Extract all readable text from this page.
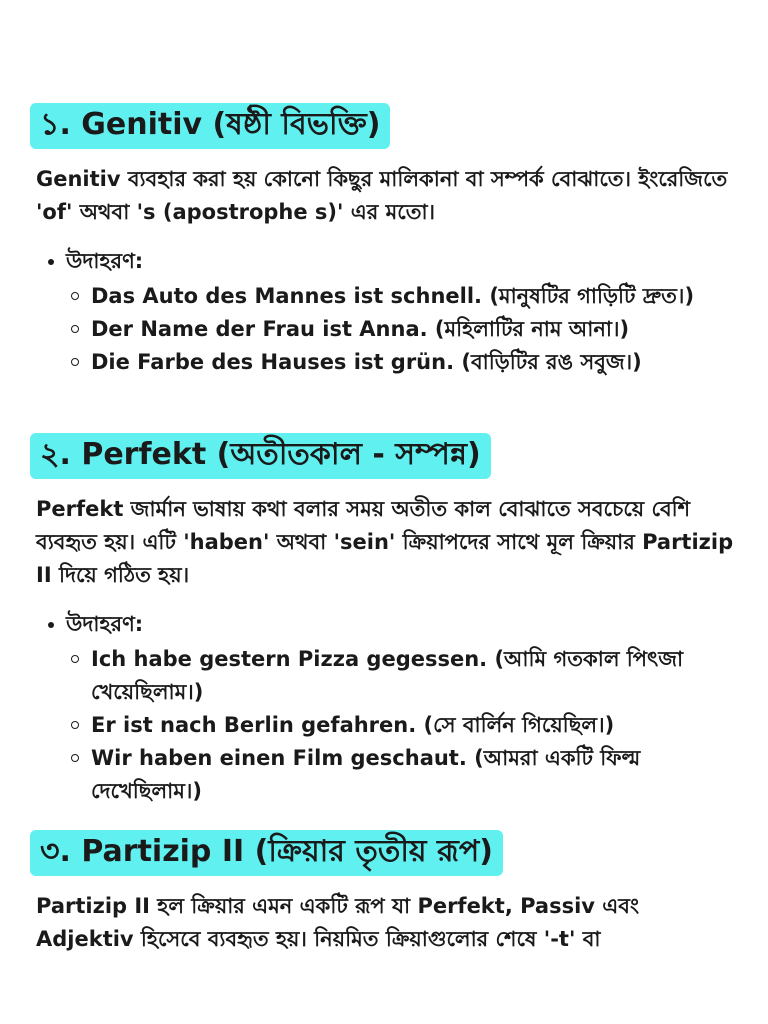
১. Genitiv (ষষ্ঠী বিভক্তি)

Genitiv ব্যবহার করা হয় কোনো কিছুর মালিকানা বা সম্পর্ক বোঝাতে। ইংরেজিতে 'of' অথবা 's (apostrophe s)' এর মতো।

উদাহরণ:
Das Auto des Mannes ist schnell. (মানুষটির গাড়িটি দ্রুত।)
Der Name der Frau ist Anna. (মহিলাটির নাম আনা।)
Die Farbe des Hauses ist grün. (বাড়িটির রঙ সবুজ।)
২. Perfekt (অতীতকাল - সম্পন্ন)

Perfekt জার্মান ভাষায় কথা বলার সময় অতীত কাল বোঝাতে সবচেয়ে বেশি ব্যবহৃত হয়। এটি 'haben' অথবা 'sein' ক্রিয়াপদের সাথে মূল ক্রিয়ার Partizip II দিয়ে গঠিত হয়।

উদাহরণ:
Ich habe gestern Pizza gegessen. (আমি গতকাল পিৎজা খেয়েছিলাম।)
Er ist nach Berlin gefahren. (সে বার্লিন গিয়েছিল।)
Wir haben einen Film geschaut. (আমরা একটি ফিল্ম দেখেছিলাম।)
৩. Partizip II (ক্রিয়ার তৃতীয় রূপ)

Partizip II হল ক্রিয়ার এমন একটি রূপ যা Perfekt, Passiv এবং Adjektiv হিসেবে ব্যবহৃত হয়। নিয়মিত ক্রিয়াগুলোর শেষে '-t' বা
